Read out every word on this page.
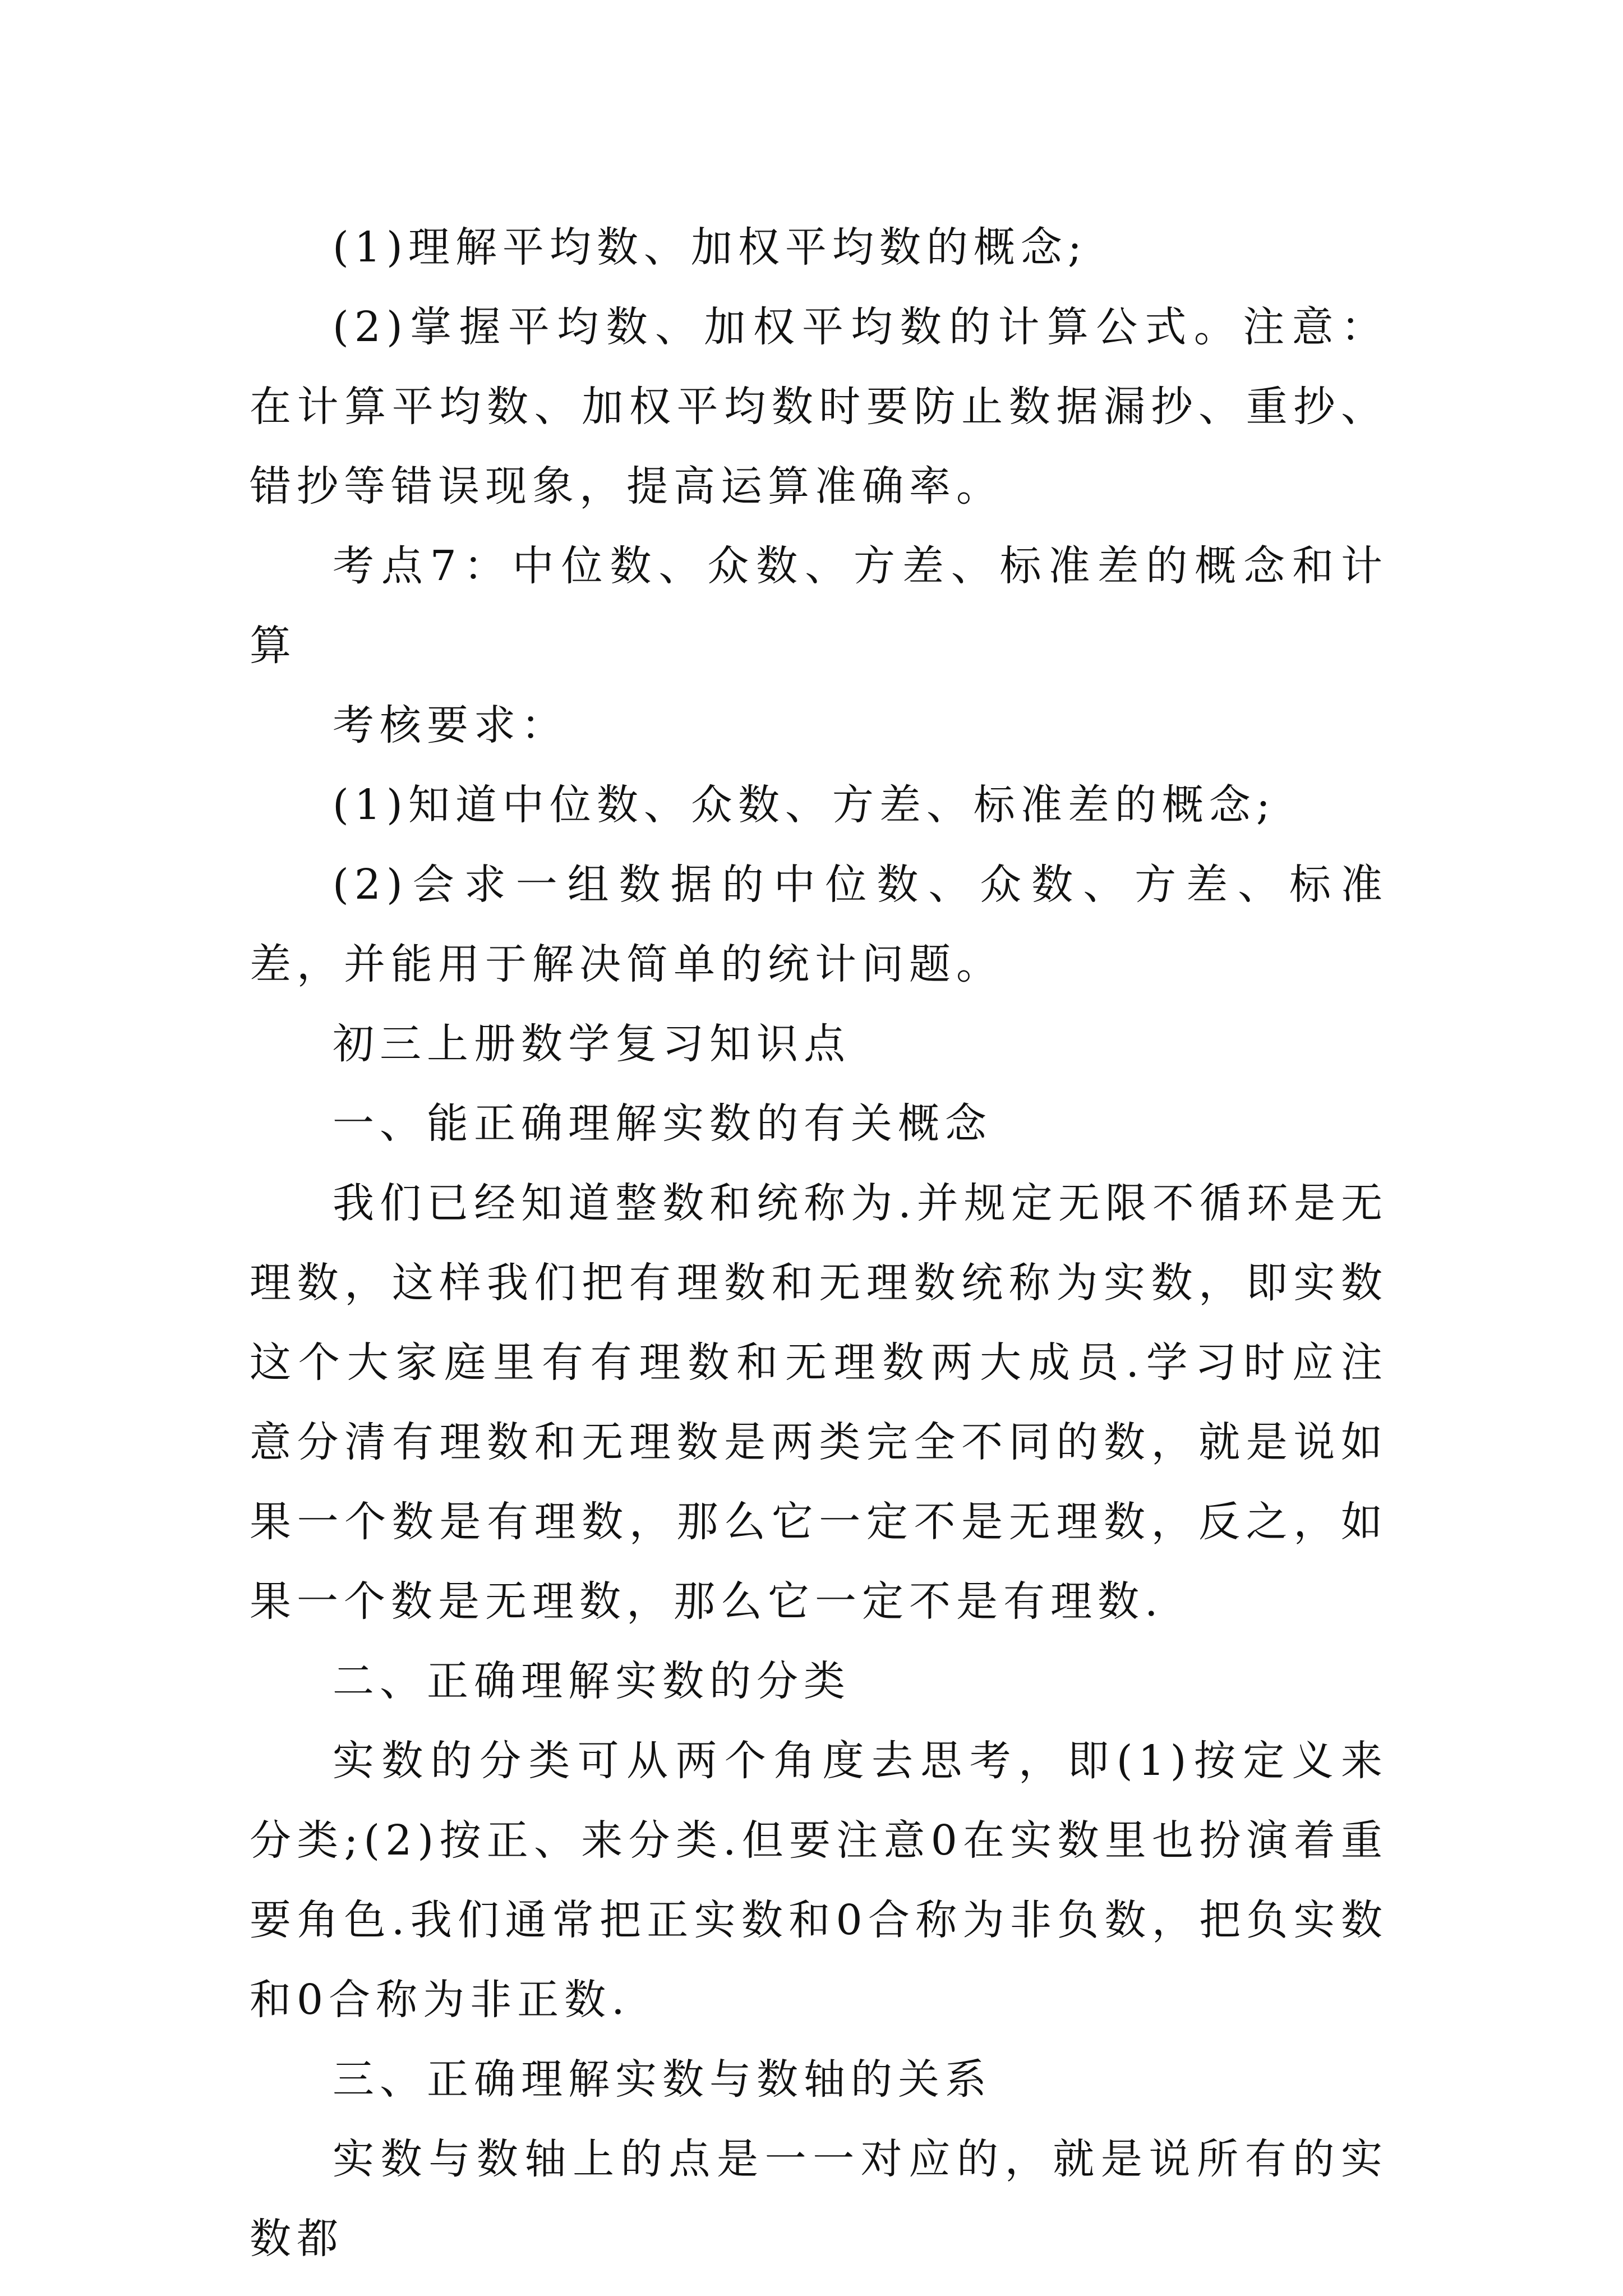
(1)理解平均数、加权平均数的概念;

(2)掌握平均数、加权平均数的计算公式。注意：在计算平均数、加权平均数时要防止数据漏抄、重抄、错抄等错误现象，提高运算准确率。

考点7：中位数、众数、方差、标准差的概念和计算

考核要求：

(1)知道中位数、众数、方差、标准差的概念;

(2)会求一组数据的中位数、众数、方差、标准差，并能用于解决简单的统计问题。

初三上册数学复习知识点

一、能正确理解实数的有关概念

我们已经知道整数和统称为.并规定无限不循环是无理数，这样我们把有理数和无理数统称为实数，即实数这个大家庭里有有理数和无理数两大成员.学习时应注意分清有理数和无理数是两类完全不同的数，就是说如果一个数是有理数，那么它一定不是无理数，反之，如果一个数是无理数，那么它一定不是有理数.

二、正确理解实数的分类

实数的分类可从两个角度去思考，即(1)按定义来分类;(2)按正、来分类.但要注意0在实数里也扮演着重要角色.我们通常把正实数和0合称为非负数，把负实数和0合称为非正数.

三、正确理解实数与数轴的关系

实数与数轴上的点是一一对应的，就是说所有的实数都
